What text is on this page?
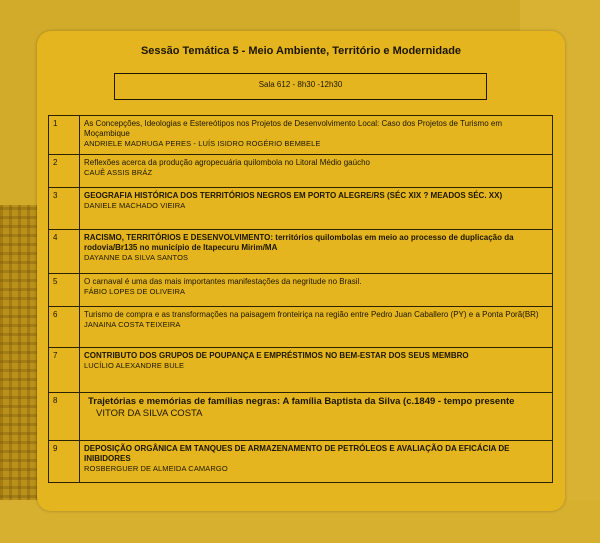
Sessão Temática 5 - Meio Ambiente, Território e Modernidade
Sala 612 - 8h30 -12h30
1	As Concepções, Ideologias e Estereótipos nos Projetos de Desenvolvimento Local: Caso dos Projetos de Turismo em Moçambique
ANDRIELE MADRUGA PERES - LUÍS ISIDRO ROGÉRIO BEMBELE

2	Reflexões acerca da produção agropecuária quilombola no Litoral Médio gaúcho
CAUÊ ASSIS BRÁZ

3	GEOGRAFIA HISTÓRICA DOS TERRITÓRIOS NEGROS EM PORTO ALEGRE/RS (SÉC XIX ? MEADOS SÉC. XX)
DANIELE MACHADO VIEIRA

4	RACISMO, TERRITÓRIOS E DESENVOLVIMENTO: territórios quilombolas em meio ao processo de duplicação da rodovia/Br135 no município de Itapecuru Mirim/MA
DAYANNE DA SILVA SANTOS

5	O carnaval é uma das mais importantes manifestações da negritude no Brasil.
FÁBIO LOPES DE OLIVEIRA

6	Turismo de compra e as transformações na paisagem fronteiriça na região entre Pedro Juan Caballero (PY) e a Ponta Porã(BR)
JANAINA COSTA TEIXEIRA

7	CONTRIBUTO DOS GRUPOS DE POUPANÇA E EMPRÉSTIMOS NO BEM-ESTAR DOS SEUS MEMBRO
LUCÍLIO ALEXANDRE BULE

8	Trajetórias e memórias de famílias negras: A família Baptista da Silva (c.1849 - tempo presente
VITOR DA SILVA COSTA

9	DEPOSIÇÃO ORGÂNICA EM TANQUES DE ARMAZENAMENTO DE PETRÓLEOS E AVALIAÇÃO DA EFICÁCIA DE INIBIDORES
ROSBERGUER DE ALMEIDA CAMARGO
